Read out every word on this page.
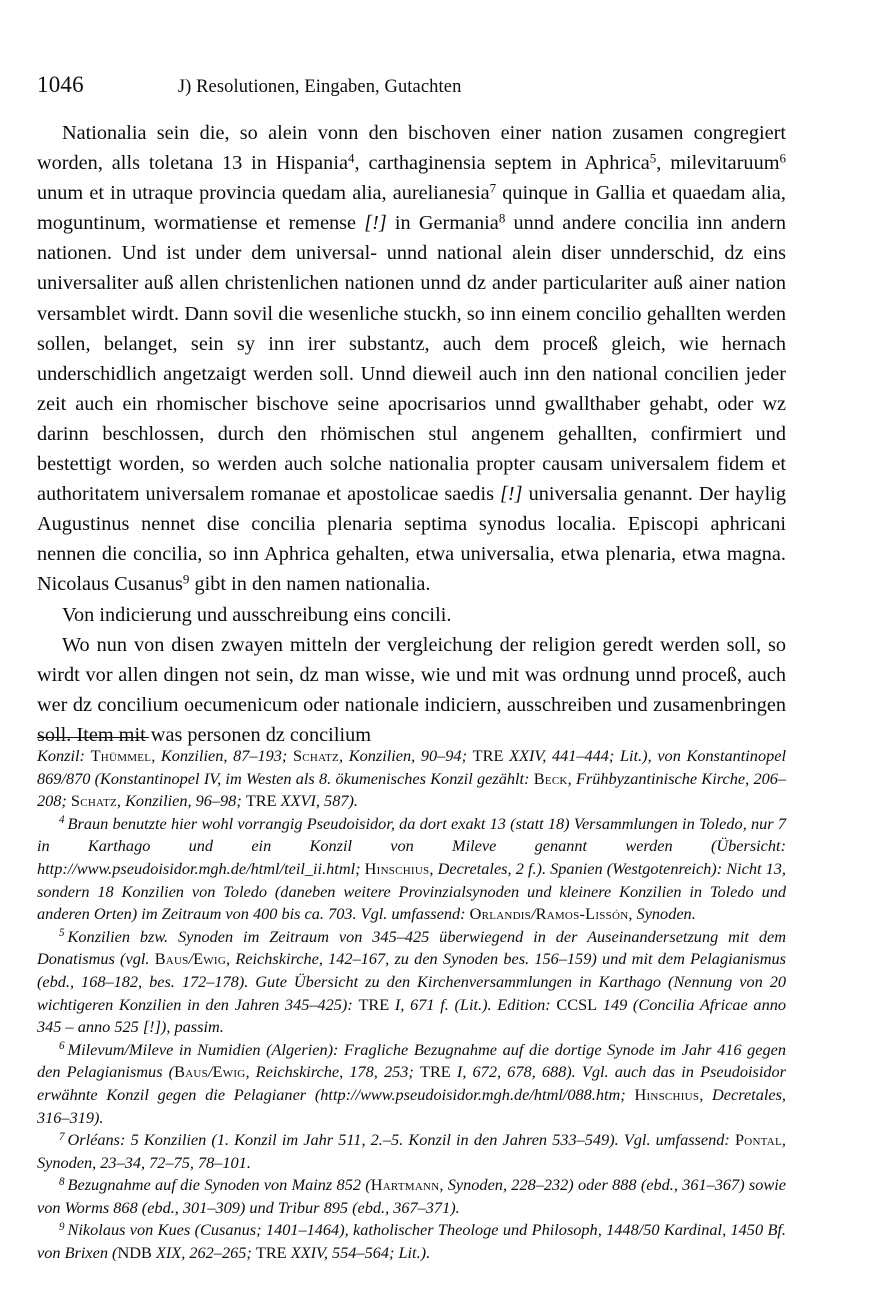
1046	J) Resolutionen, Eingaben, Gutachten

Nationalia sein die, so alein vonn den bischoven einer nation zusamen congregiert worden, alls toletana 13 in Hispania$^4$, carthaginensia septem in Aphrica$^5$, milevitaruum$^6$ unum et in utraque provincia quedam alia, aurelianesia$^7$ quinque in Gallia et quaedam alia, moguntinum, wormatiense et remense [!] in Germania$^8$ unnd andere concilia inn andern nationen. Und ist under dem universal- unnd national alein diser unnderschid, dz eins universaliter auß allen christenlichen nationen unnd dz ander particulariter auß ainer nation versamblet wirdt. Dann sovil die wesenliche stuckh, so inn einem concilio gehallten werden sollen, belanget, sein sy inn irer substantz, auch dem proceß gleich, wie hernach underschidlich angetzaigt werden soll. Unnd dieweil auch inn den national concilien jeder zeit auch ein rhomischer bischove seine apocrisarios unnd gwallthaber gehabt, oder wz darinn beschlossen, durch den rhömischen stul angenem gehallten, confirmiert und bestettigt worden, so werden auch solche nationalia propter causam universalem fidem et authoritatem universalem romanae et apostolicae saedis [!] universalia genannt. Der haylig Augustinus nennet dise concilia plenaria septima synodus localia. Episcopi aphricani nennen die concilia, so inn Aphrica gehalten, etwa universalia, etwa plenaria, etwa magna. Nicolaus Cusanus$^9$ gibt in den namen nationalia.

Von indicierung und ausschreibung eins concili.

Wo nun von disen zwayen mitteln der vergleichung der religion geredt werden soll, so wirdt vor allen dingen not sein, dz man wisse, wie und mit was ordnung unnd proceß, auch wer dz concilium oecumenicum oder nationale indiciern, ausschreiben und zusamenbringen soll. Item mit was personen dz concilium

Konzil: Thümmel, Konzilien, 87–193; Schatz, Konzilien, 90–94; TRE XXIV, 441–444; Lit.), von Konstantinopel 869/870 (Konstantinopel IV, im Westen als 8. ökumenisches Konzil gezählt: Beck, Frühbyzantinische Kirche, 206–208; Schatz, Konzilien, 96–98; TRE XXVI, 587).

$^4$ Braun benutzte hier wohl vorrangig Pseudoisidor, da dort exakt 13 (statt 18) Versammlungen in Toledo, nur 7 in Karthago und ein Konzil von Mileve genannt werden (Übersicht: http://www.pseudoisidor.mgh.de/html/teil_ii.html; Hinschius, Decretales, 2 f.). Spanien (Westgotenreich): Nicht 13, sondern 18 Konzilien von Toledo (daneben weitere Provinzialsynoden und kleinere Konzilien in Toledo und anderen Orten) im Zeitraum von 400 bis ca. 703. Vgl. umfassend: Orlandis/Ramos-Lissón, Synoden.

$^5$ Konzilien bzw. Synoden im Zeitraum von 345–425 überwiegend in der Auseinandersetzung mit dem Donatismus (vgl. Baus/Ewig, Reichskirche, 142–167, zu den Synoden bes. 156–159) und mit dem Pelagianismus (ebd., 168–182, bes. 172–178). Gute Übersicht zu den Kirchenversammlungen in Karthago (Nennung von 20 wichtigeren Konzilien in den Jahren 345–425): TRE I, 671 f. (Lit.). Edition: CCSL 149 (Concilia Africae anno 345 – anno 525 [!]), passim.

$^6$ Milevum/Mileve in Numidien (Algerien): Fragliche Bezugnahme auf die dortige Synode im Jahr 416 gegen den Pelagianismus (Baus/Ewig, Reichskirche, 178, 253; TRE I, 672, 678, 688). Vgl. auch das in Pseudoisidor erwähnte Konzil gegen die Pelagianer (http://www.pseudoisidor.mgh.de/html/088.htm; Hinschius, Decretales, 316–319).

$^7$ Orléans: 5 Konzilien (1. Konzil im Jahr 511, 2.–5. Konzil in den Jahren 533–549). Vgl. umfassend: Pontal, Synoden, 23–34, 72–75, 78–101.

$^8$ Bezugnahme auf die Synoden von Mainz 852 (Hartmann, Synoden, 228–232) oder 888 (ebd., 361–367) sowie von Worms 868 (ebd., 301–309) und Tribur 895 (ebd., 367–371).

$^9$ Nikolaus von Kues (Cusanus; 1401–1464), katholischer Theologe und Philosoph, 1448/50 Kardinal, 1450 Bf. von Brixen (NDB XIX, 262–265; TRE XXIV, 554–564; Lit.).
